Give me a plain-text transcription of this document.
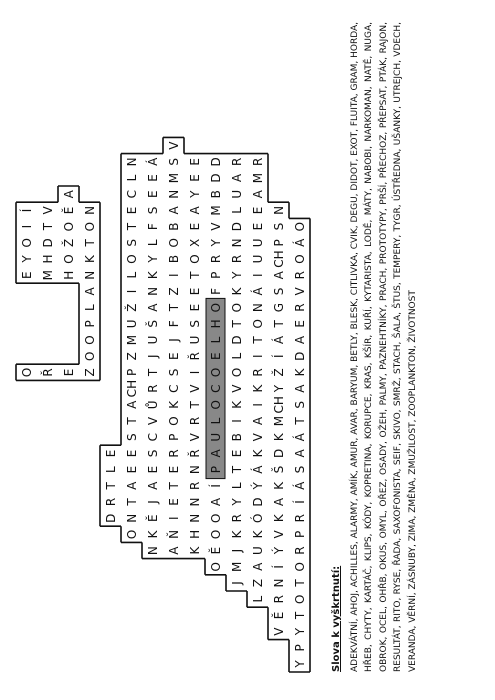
Y
P
Y
T
O
T
O
R
P
R
Í
Á
S
A
Á
T
S
A
K
D
A
E
R
V
R
O
Á
O
V
Ě
R
N
Í
Ý
V
K
A
K
Š
D
K
M
CH
Y
Ž
Í
Á
T
G
S
A
CH
P
S
N
L
Z
A
U
K
Ó
D
Ý
Á
K
V
A
I
K
R
I
T
O
N
Á
I
U
U
E
E
A
M
R
J
M
J
K
R
Y
L
T
E
B
I
K
V
O
L
D
T
O
K
Y
R
N
D
L
U
A
R
O
Ě
O
O
A
Í
P
A
U
L
O
C
O
E
L
H
O
F
P
R
Y
V
M
B
D
D
K
H
N
N
R
N
Ř
V
R
T
V
I
Ř
U
S
E
E
T
O
X
E
A
Y
E
E
A
Ň
I
E
T
E
R
P
O
K
C
S
E
J
F
T
Z
I
B
O
B
A
N
M
S
V
N
K
Ě
J
A
E
S
C
V
Ů
R
T
J
U
Š
A
N
K
Y
L
F
S
E
E
Á
O
N
T
A
E
E
S
T
A
CH
P
Z
M
U
Ž
I
L
O
S
T
E
C
L
N
D
R
T
L
E
Z
O
O
P
L
A
N
K
T
O
N
E
H
O
Ž
O
Ě
A
Ř
M
H
D
T
V
O
E
Y
O
I
Í
Slova k vyškrtnutí: ADEKVÁTNÍ, AHOJ, ACHILLES, ALARMY, AMÍK, AMUR, AVAR, BARYUM, BETLY, BLESK, CITLIVKA, CVIK, DEGU, DIDOT, EXOT, FLUITA, GRAM, HORDA, HŘEB, CHYTY, KARTÁČ, KLIPS, KÓDY, KOPRETINA, KORUPCE, KRAS, KŠÍR, KUŘÍ, KYTARISTA, LODĚ, MÁTY, NABOBI, NARKOMAN, NATĚ, NUGA, OBROK, OCEL, OHŘB, OKUS, OMYL, OŘEZ, OSADY, OŽEH, PALMY, PAZNEHTNÍKY, PRACH, PROTOTYPY, PRŠÍ, PŘECHOZ, PŘEPSAT, PTÁK, RAJON, RESULTÁT, RITO, RYSE, ŘADA, SAXOFONISTA, SEIF, SKIVO, SMRŽ, STACH, ŠALA, ŠTUS, TEMPERY, TYGR, ÚSTŘEDNA, UŠANKY, UTREJCH, VDECH, VERANDA, VĚRNÍ, ZÁSNUBY, ZIMA, ZMĚNA, ZMUŽILOST, ZOOPLANKTON, ŽIVOTNOST
